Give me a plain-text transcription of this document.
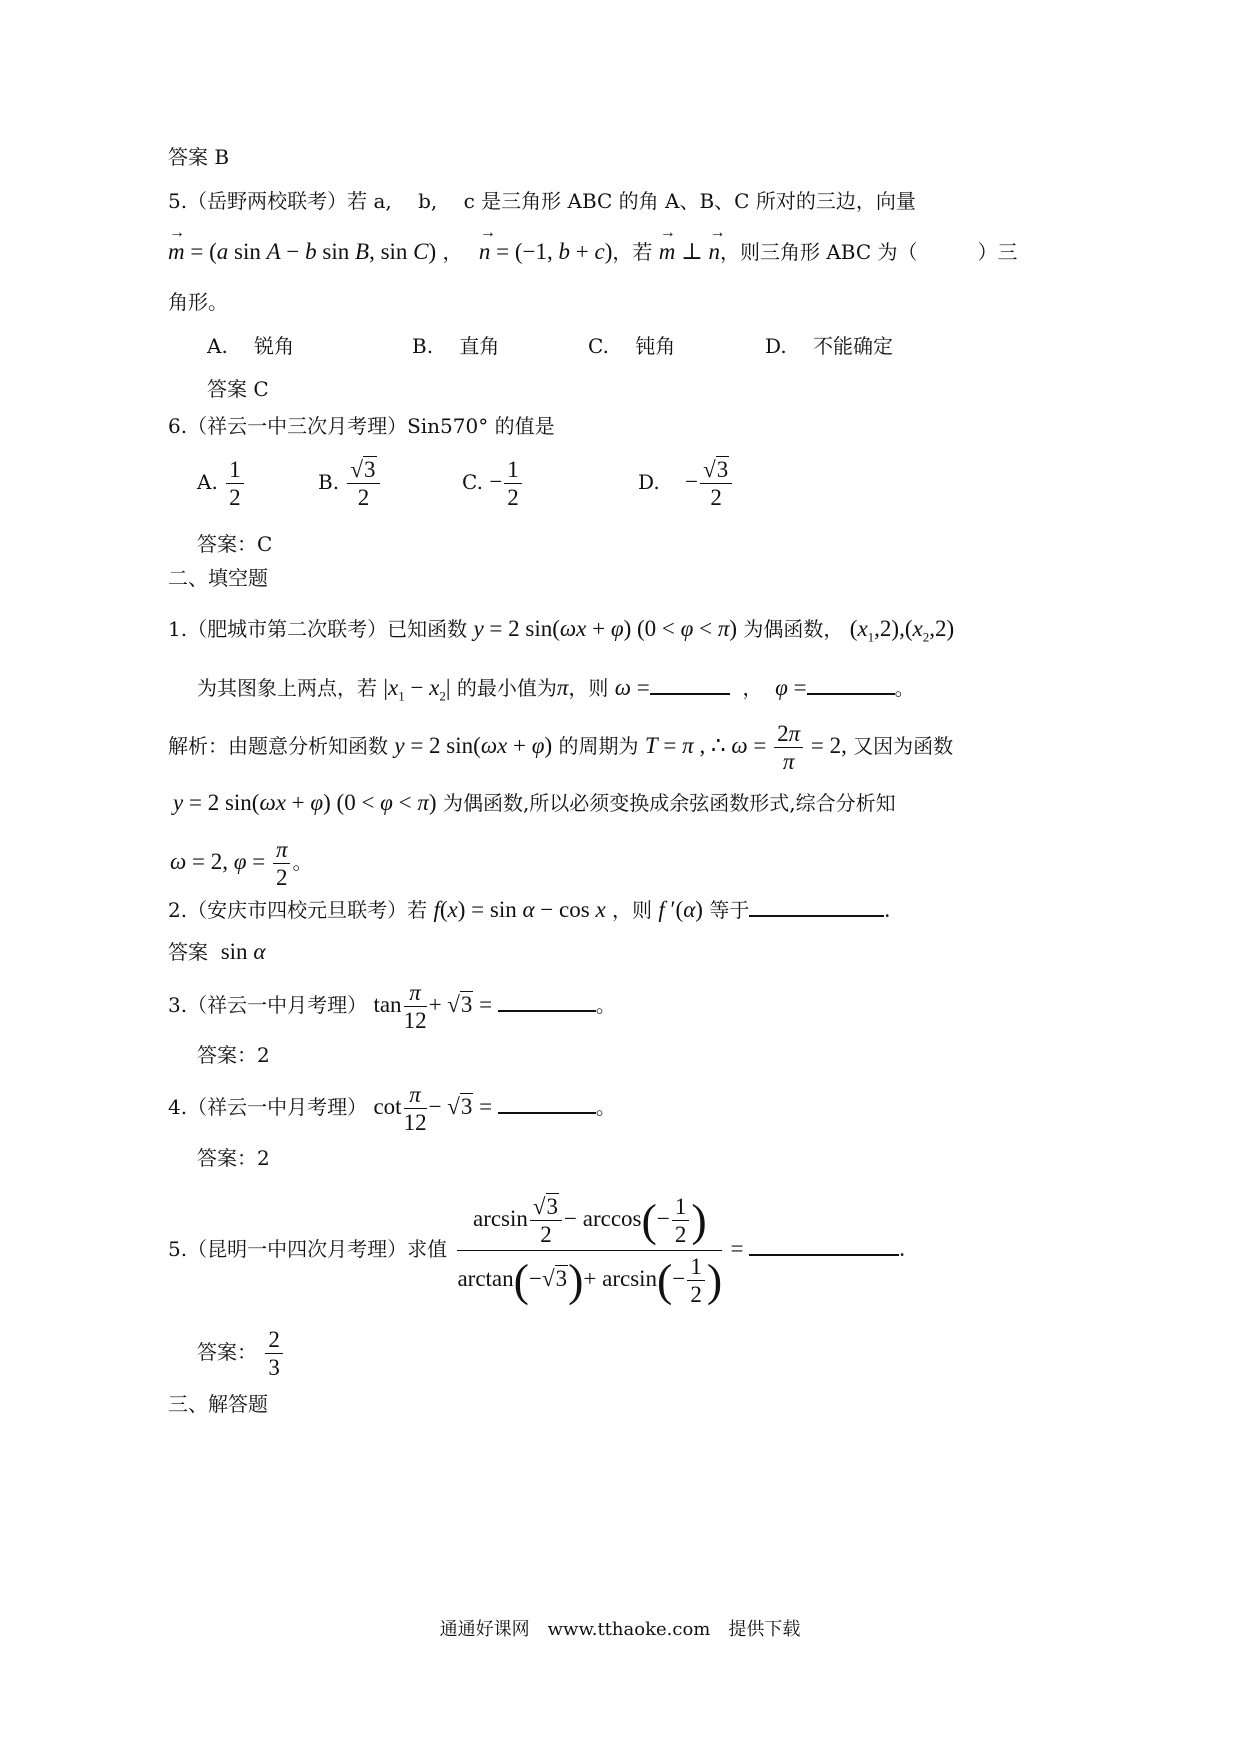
答案 B
5.（岳野两校联考）若 a,　 b,　 c 是三角形 ABC 的角 A、B、C 所对的三边，向量
→ m = (a sin A − b sin B, sin C) ，　 → n = (−1, b + c)，若 → m ⊥ → n，则三角形 ABC 为（　　　）三
角形。
A.　 锐角	B.　 直角	C.　 钝角	D.　 不能确定
答案 C
6.（祥云一中三次月考理）Sin570° 的值是
A. $\frac{1}{2}$	B. $\frac{√3}{2}$	C. − $\frac{1}{2}$	D. − $\frac{√3}{2}$
答案：C
二、填空题
1.（肥城市第二次联考）已知函数 y = 2 sin(ωx + φ) (0 < φ < π) 为偶函数， $(x_1,2),(x_2,2)$
为其图象上两点，若 $|x_1 - x_2|$ 的最小值为π，则 ω =	，  φ =	。
解析：由题意分析知函数 y = 2 sin(ωx + φ) 的周期为 T = π , ∴ $\omega = \frac{2\pi}{\pi} = 2$, 又因为函数
y = 2 sin(ωx + φ) (0 < φ < π) 为偶函数,所以必须变换成余弦函数形式,综合分析知
ω = 2, $\varphi = \frac{\pi}{2}$ 。
2.（安庆市四校元旦联考）若 f(x) = sin α − cos x ，则 f ′(α) 等于	.
答案 sin α
3.（祥云一中月考理） $\tan \frac{\pi}{12} + √3$ =	。
答案：2
4.（祥云一中月考理） $\cot \frac{\pi}{12} - √3$ =	。
答案：2
5.（昆明一中四次月考理）求值 $\frac{\arcsin \frac{√3}{2} - \arccos(- \frac{1}{2} )}{\arctan(-√3)+ \arcsin(- \frac{1}{2} )}$ =	.
答案： $\frac{2}{3}$
三、解答题
通通好课网　www.tthaoke.com　提供下载
